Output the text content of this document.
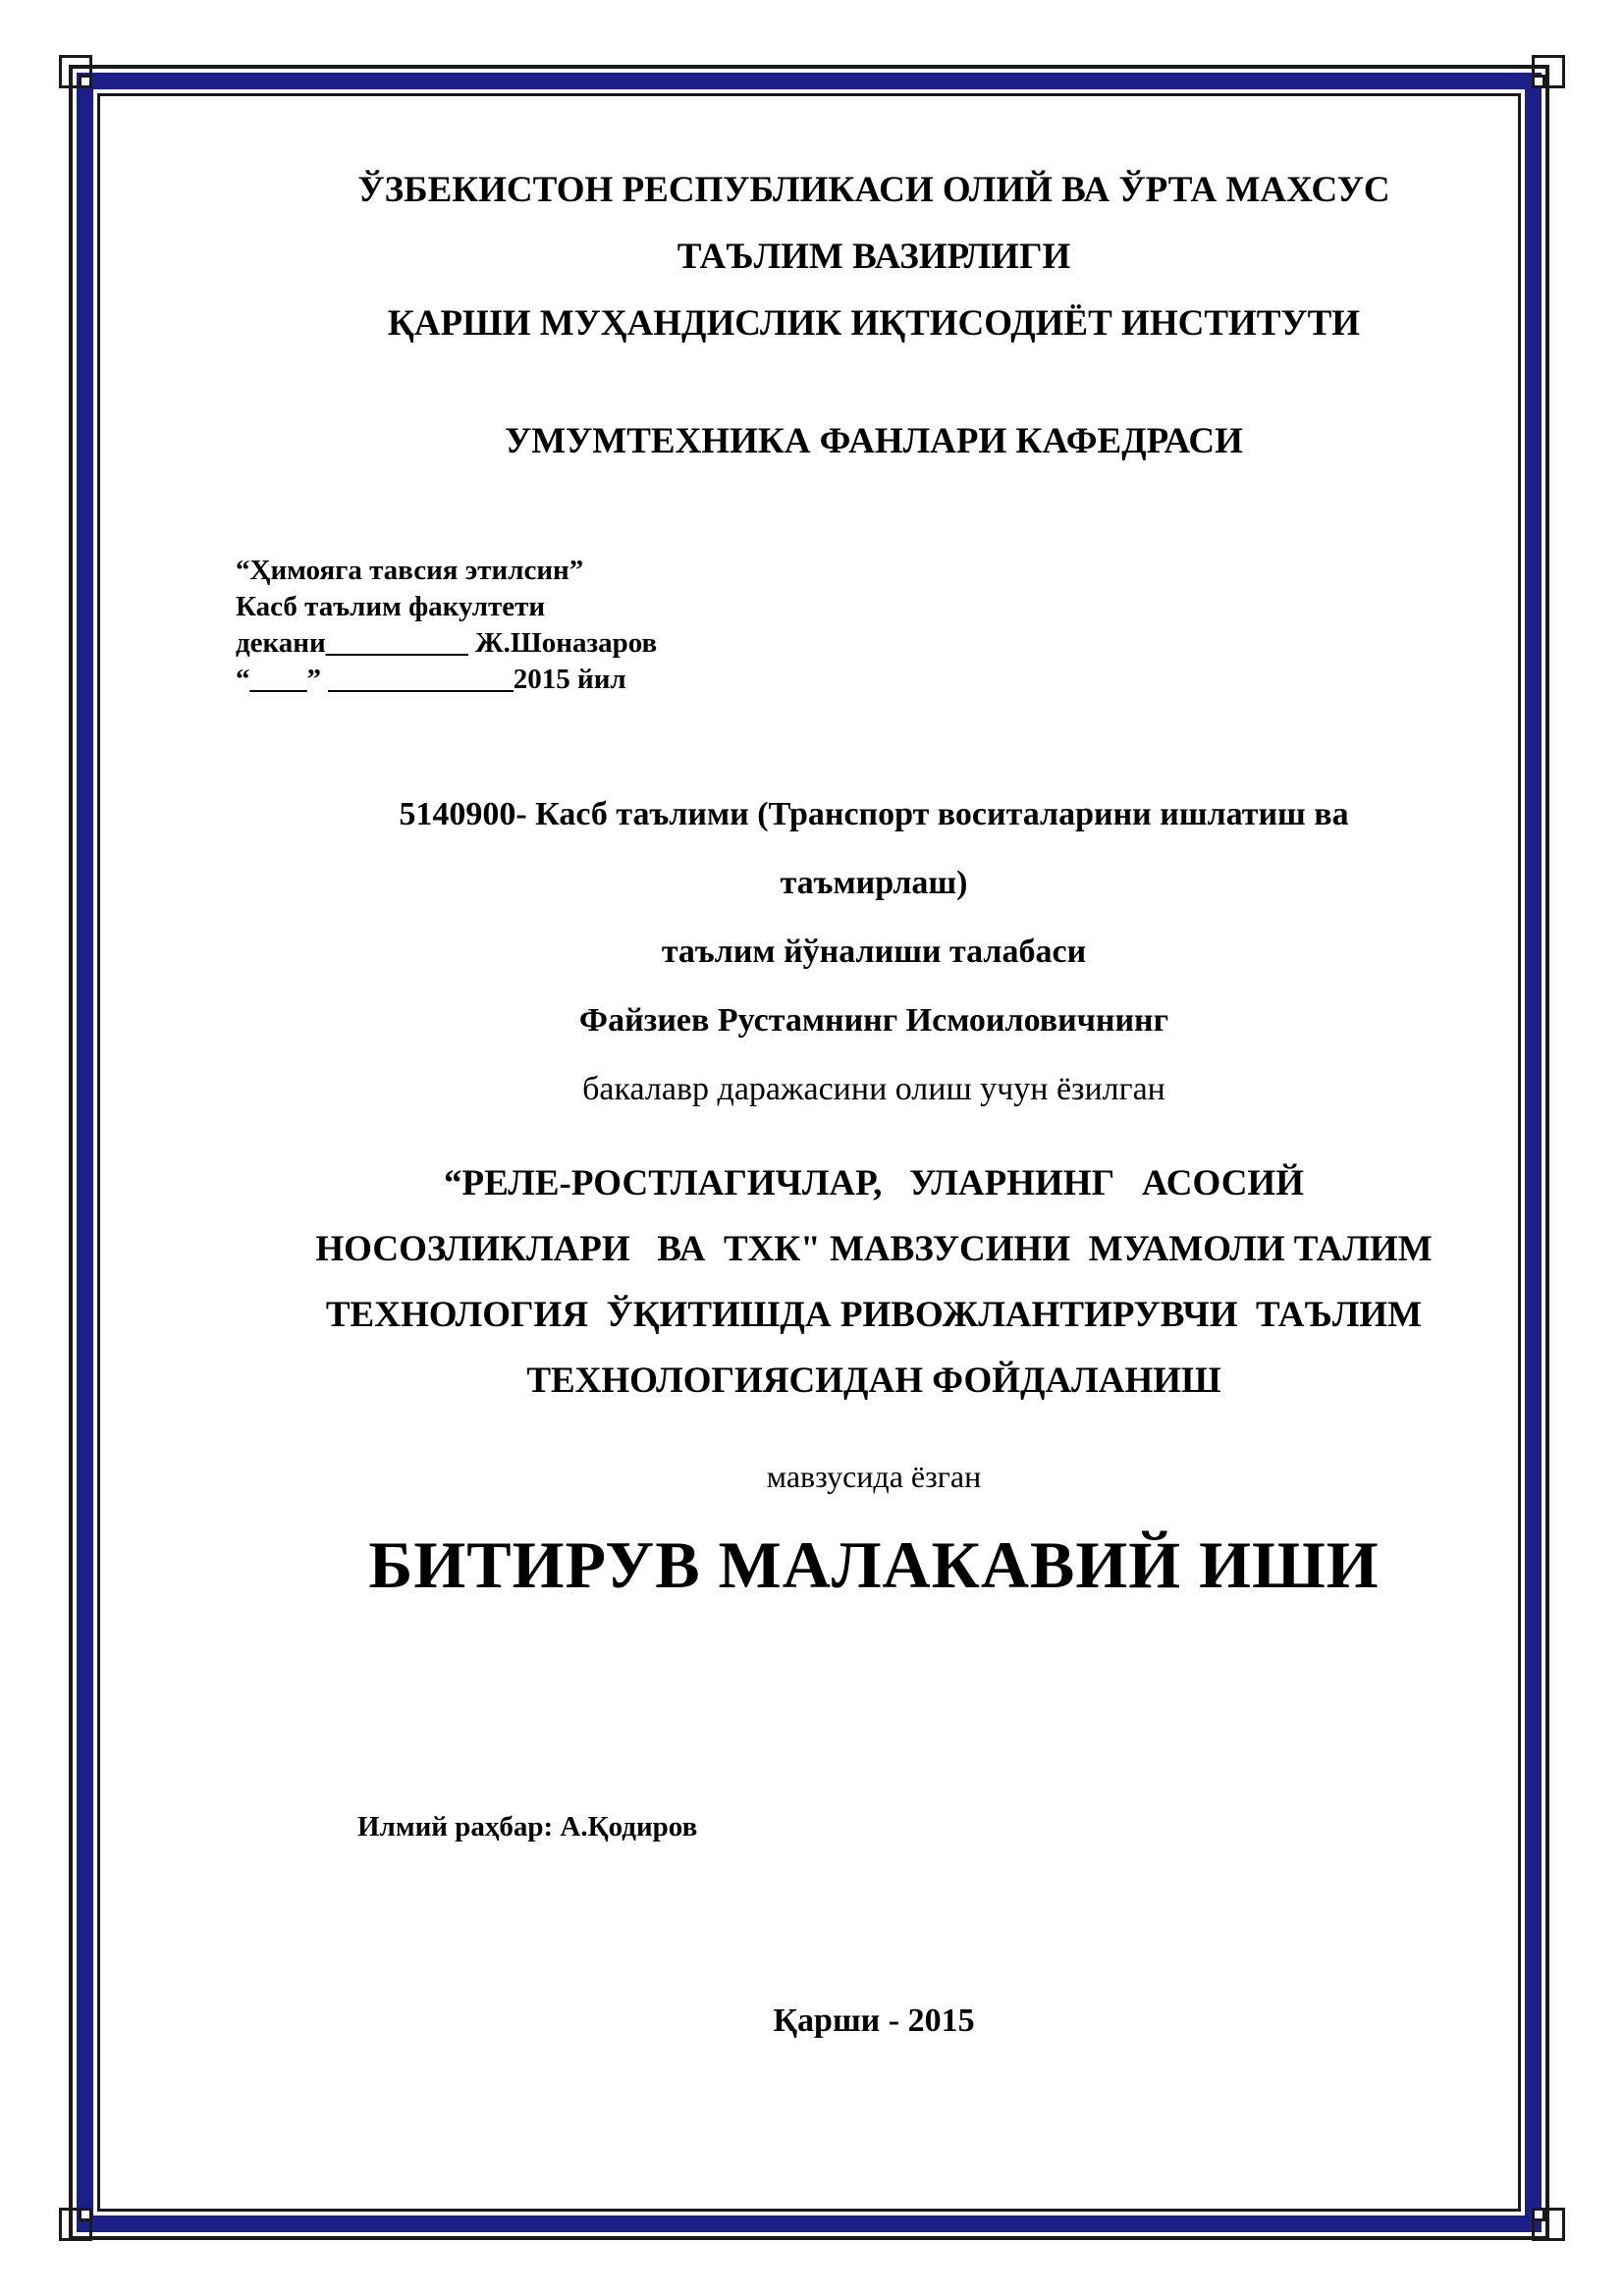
ЎЗБЕКИСТОН РЕСПУБЛИКАСИ ОЛИЙ ВА ЎРТА МАХСУС
ТАЪЛИМ ВАЗИРЛИГИ
ҚАРШИ МУҲАНДИСЛИК ИҚТИСОДИЁТ ИНСТИТУТИ
УМУМТЕХНИКА ФАНЛАРИ КАФЕДРАСИ
“Ҳимояга тавсия этилсин”
Касб таълим факултети
декани__________ Ж.Шоназаров
“____” _____________2015 йил
5140900- Касб таълими (Транспорт воситаларини ишлатиш ва
таъмирлаш)
таълим йўналиши талабаси
Файзиев Рустамнинг Исмоиловичнинг
бакалавр даражасини олиш учун ёзилган
“РЕЛЕ-РОСТЛАГИЧЛАР,   УЛАРНИНГ   АСОСИЙ
НОСОЗЛИКЛАРИ   ВА  ТХК" МАВЗУСИНИ  МУАМОЛИ ТАЛИМ
ТЕХНОЛОГИЯ  ЎҚИТИШДА РИВОЖЛАНТИРУВЧИ  ТАЪЛИМ
ТЕХНОЛОГИЯСИДАН ФОЙДАЛАНИШ
мавзусида ёзган
БИТИРУВ МАЛАКАВИЙ ИШИ
Илмий раҳбар: А.Қодиров
Қарши - 2015
